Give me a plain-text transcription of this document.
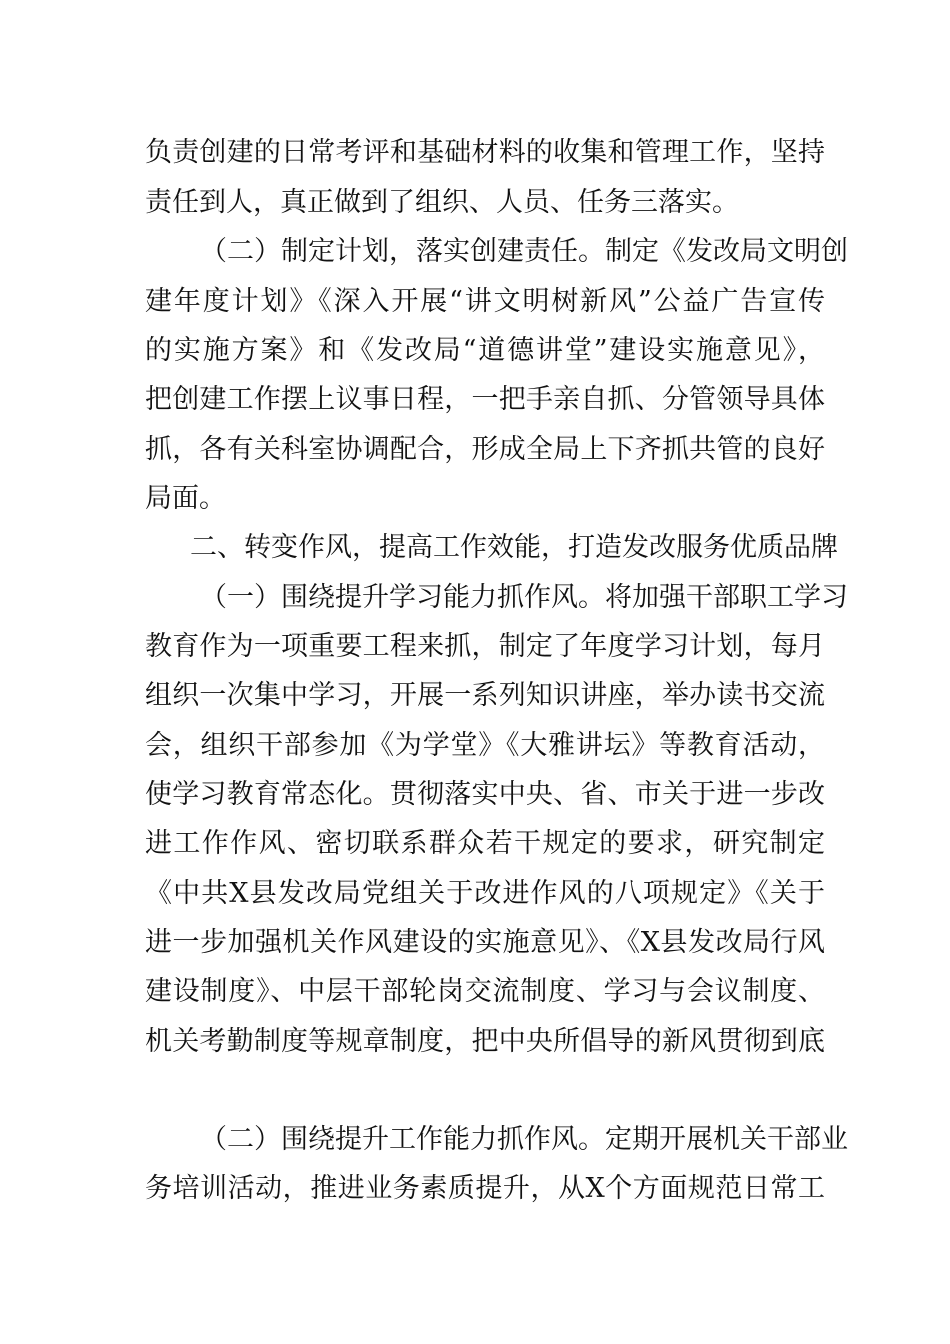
负责创建的日常考评和基础材料的收集和管理工作，坚持
责任到人，真正做到了组织、人员、任务三落实。
（二）制定计划，落实创建责任。制定《发改局文明创
建年度计划》《深入开展“讲文明树新风”公益广告宣传
的实施方案》和《发改局“道德讲堂”建设实施意见》，
把创建工作摆上议事日程，一把手亲自抓、分管领导具体
抓，各有关科室协调配合，形成全局上下齐抓共管的良好
局面。
二、转变作风，提高工作效能，打造发改服务优质品牌
（一）围绕提升学习能力抓作风。将加强干部职工学习
教育作为一项重要工程来抓，制定了年度学习计划，每月
组织一次集中学习，开展一系列知识讲座，举办读书交流
会，组织干部参加《为学堂》《大雅讲坛》等教育活动，
使学习教育常态化。贯彻落实中央、省、市关于进一步改
进工作作风、密切联系群众若干规定的要求，研究制定
《中共X县发改局党组关于改进作风的八项规定》《关于
进一步加强机关作风建设的实施意见》、《X县发改局行风
建设制度》、中层干部轮岗交流制度、学习与会议制度、
机关考勤制度等规章制度，把中央所倡导的新风贯彻到底
（二）围绕提升工作能力抓作风。定期开展机关干部业
务培训活动，推进业务素质提升，从X个方面规范日常工
